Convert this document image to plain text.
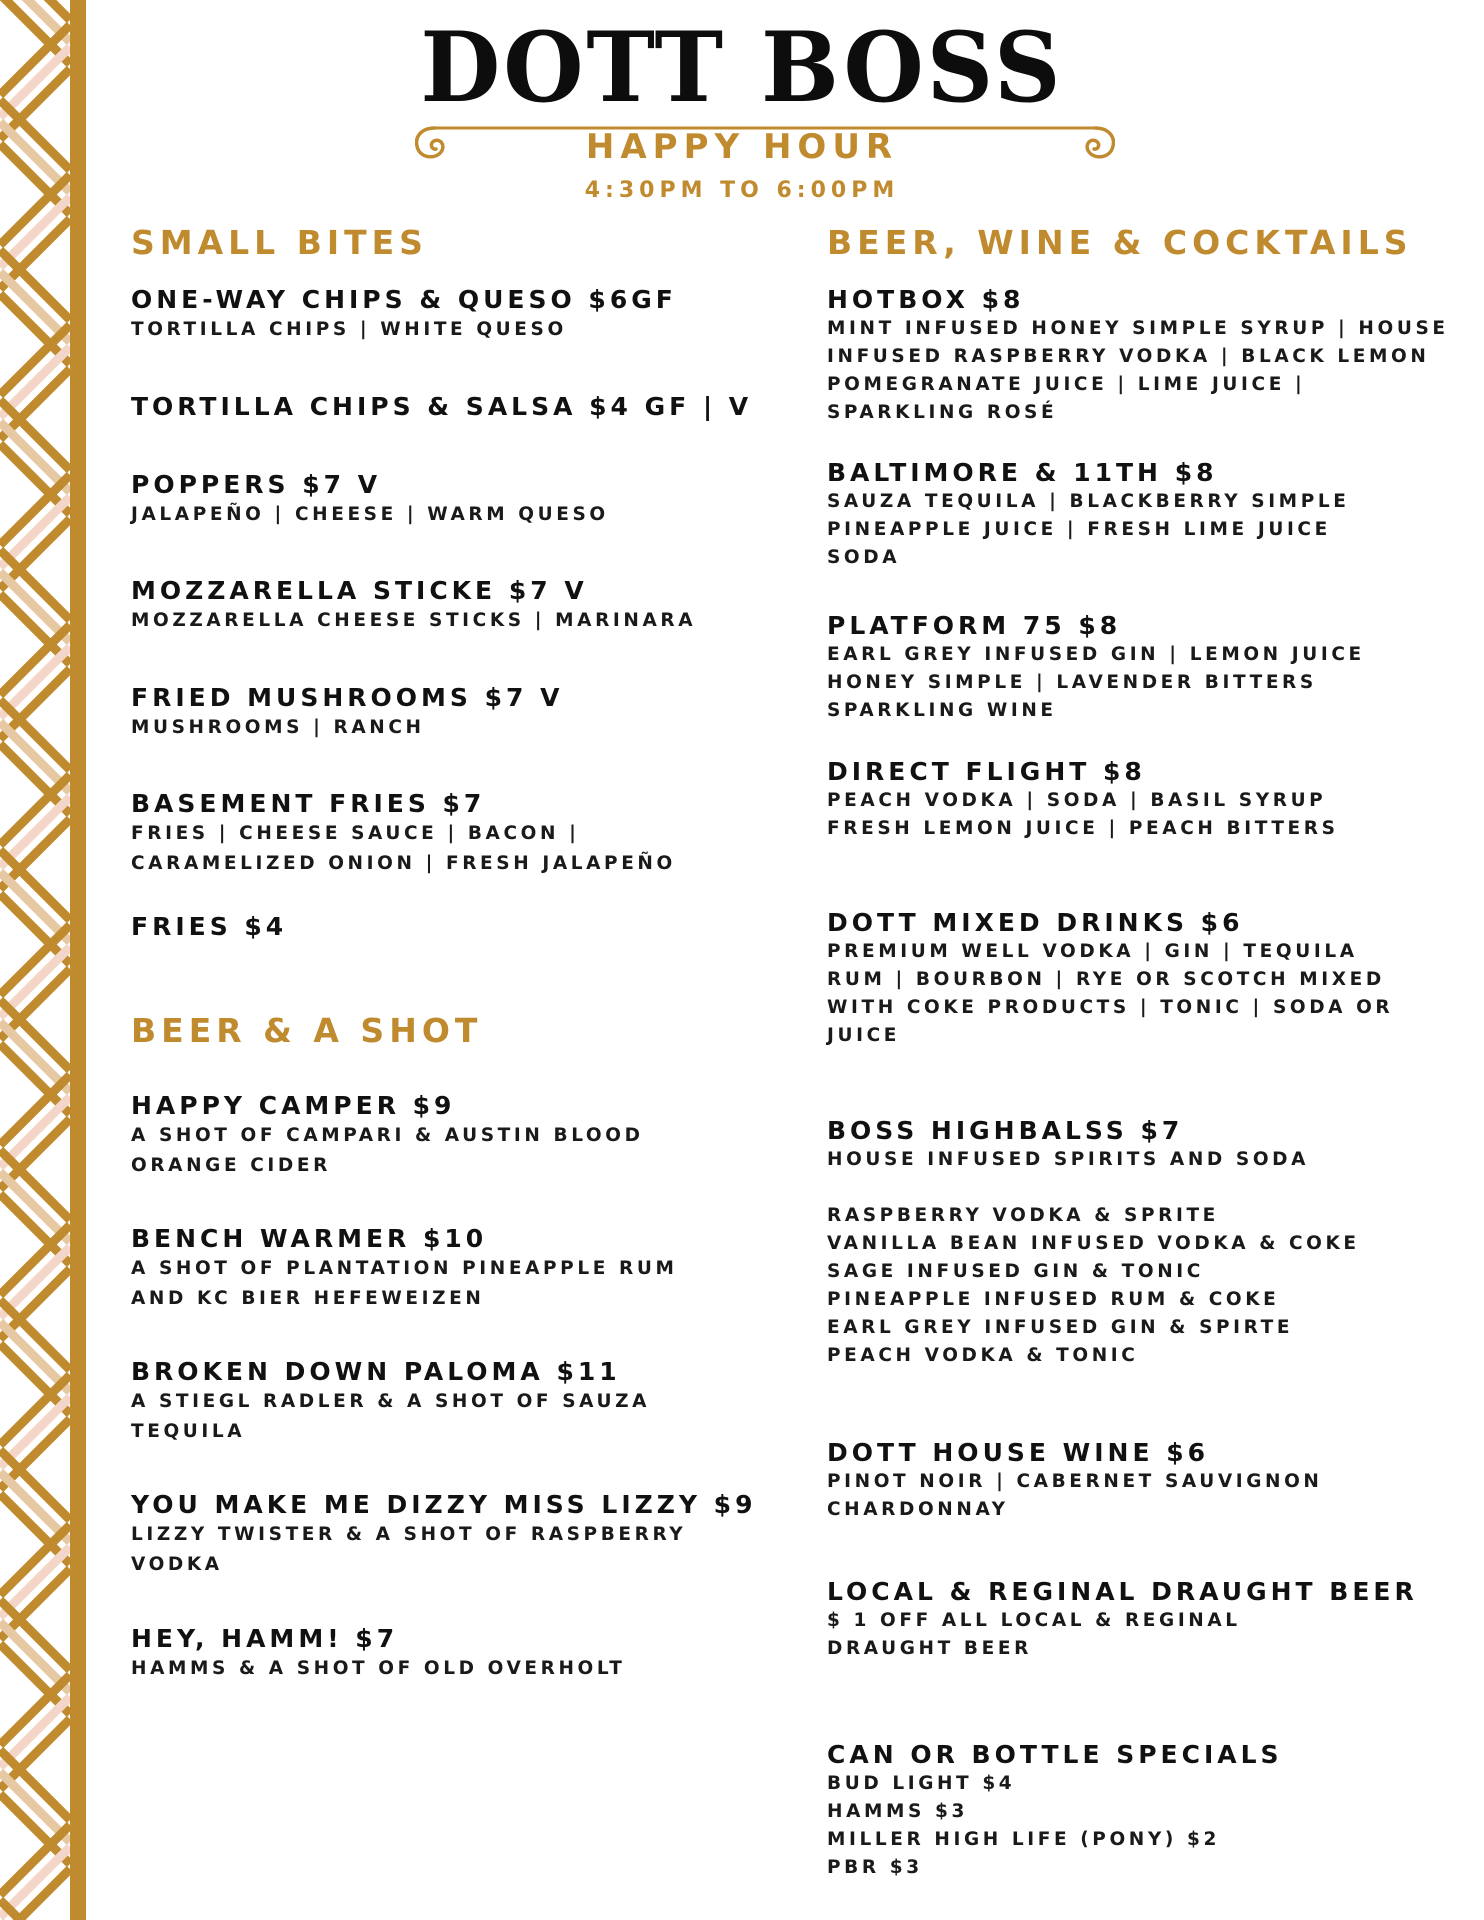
DOTT BOSS
HAPPY HOUR
4:30PM TO 6:00PM
SMALL BITES
ONE-WAY CHIPS & QUESO $6GF
TORTILLA CHIPS | WHITE QUESO
TORTILLA CHIPS & SALSA $4 GF | V
POPPERS $7 V
JALAPEÑO | CHEESE | WARM QUESO
MOZZARELLA STICKE $7 V
MOZZARELLA CHEESE STICKS | MARINARA
FRIED MUSHROOMS $7 V
MUSHROOMS | RANCH
BASEMENT FRIES $7
FRIES | CHEESE SAUCE | BACON |
CARAMELIZED ONION | FRESH JALAPEÑO
FRIES $4
BEER & A SHOT
HAPPY CAMPER $9
A SHOT OF CAMPARI & AUSTIN BLOOD
ORANGE CIDER
BENCH WARMER $10
A SHOT OF PLANTATION PINEAPPLE RUM
AND KC BIER HEFEWEIZEN
BROKEN DOWN PALOMA $11
A STIEGL RADLER & A SHOT OF SAUZA
TEQUILA
YOU MAKE ME DIZZY MISS LIZZY $9
LIZZY TWISTER & A SHOT OF RASPBERRY
VODKA
HEY, HAMM! $7
HAMMS & A SHOT OF OLD OVERHOLT
BEER, WINE & COCKTAILS
HOTBOX $8
MINT INFUSED HONEY SIMPLE SYRUP | HOUSE
INFUSED RASPBERRY VODKA | BLACK LEMON
POMEGRANATE JUICE | LIME JUICE |
SPARKLING ROSÉ
BALTIMORE & 11TH $8
SAUZA TEQUILA | BLACKBERRY SIMPLE
PINEAPPLE JUICE | FRESH LIME JUICE
SODA
PLATFORM 75 $8
EARL GREY INFUSED GIN | LEMON JUICE
HONEY SIMPLE | LAVENDER BITTERS
SPARKLING WINE
DIRECT FLIGHT $8
PEACH VODKA | SODA | BASIL SYRUP
FRESH LEMON JUICE | PEACH BITTERS
DOTT MIXED DRINKS $6
PREMIUM WELL VODKA | GIN | TEQUILA
RUM | BOURBON | RYE OR SCOTCH MIXED
WITH COKE PRODUCTS | TONIC | SODA OR
JUICE
BOSS HIGHBALSS $7
HOUSE INFUSED SPIRITS AND SODA

RASPBERRY VODKA & SPRITE
VANILLA BEAN INFUSED VODKA & COKE
SAGE INFUSED GIN & TONIC
PINEAPPLE INFUSED RUM & COKE
EARL GREY INFUSED GIN & SPIRTE
PEACH VODKA & TONIC
DOTT HOUSE WINE $6
PINOT NOIR | CABERNET SAUVIGNON
CHARDONNAY
LOCAL & REGINAL DRAUGHT BEER
$ 1 OFF ALL LOCAL & REGINAL
DRAUGHT BEER
CAN OR BOTTLE SPECIALS
BUD LIGHT $4
HAMMS $3
MILLER HIGH LIFE (PONY) $2
PBR $3
